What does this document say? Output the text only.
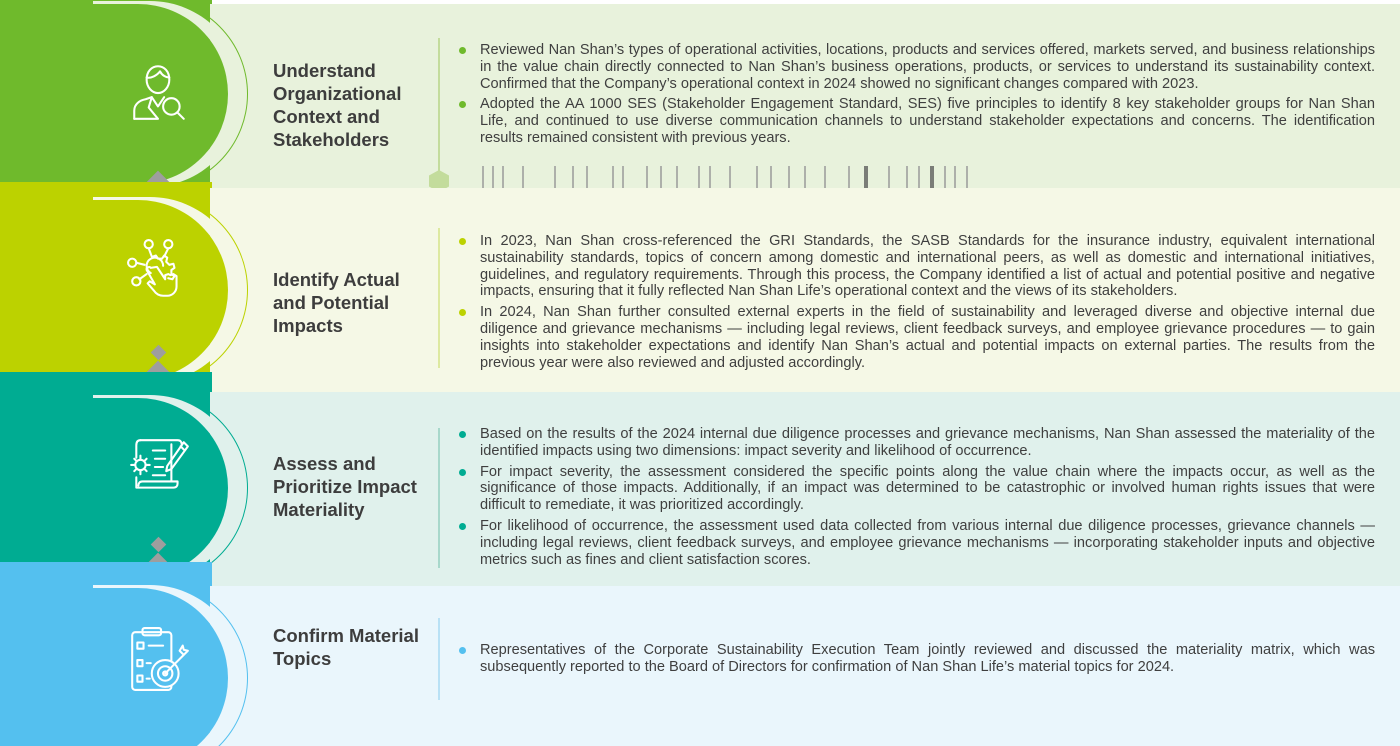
Understand Organizational Context and Stakeholders
Reviewed Nan Shan’s types of operational activities, locations, products and services offered, markets served, and business relationships in the value chain directly connected to Nan Shan’s business operations, products, or services to understand its sustainability context. Confirmed that the Company’s operational context in 2024 showed no significant changes compared with 2023.
Adopted the AA 1000 SES (Stakeholder Engagement Standard, SES) five principles to identify 8 key stakeholder groups for Nan Shan Life, and continued to use diverse communication channels to understand stakeholder expectations and concerns. The identification results remained consistent with previous years.
Identify Actual and Potential Impacts
In 2023, Nan Shan cross-referenced the GRI Standards, the SASB Standards for the insurance industry, equivalent international sustainability standards, topics of concern among domestic and international peers, as well as domestic and international initiatives, guidelines, and regulatory requirements. Through this process, the Company identified a list of actual and potential positive and negative impacts, ensuring that it fully reflected Nan Shan Life’s operational context and the views of its stakeholders.
In 2024, Nan Shan further consulted external experts in the field of sustainability and leveraged diverse and objective internal due diligence and grievance mechanisms — including legal reviews, client feedback surveys, and employee grievance procedures — to gain insights into stakeholder expectations and identify Nan Shan’s actual and potential impacts on external parties. The results from the previous year were also reviewed and adjusted accordingly.
Assess and Prioritize Impact Materiality
Based on the results of the 2024 internal due diligence processes and grievance mechanisms, Nan Shan assessed the materiality of the identified impacts using two dimensions: impact severity and likelihood of occurrence.
For impact severity, the assessment considered the specific points along the value chain where the impacts occur, as well as the significance of those impacts. Additionally, if an impact was determined to be catastrophic or involved human rights issues that were difficult to remediate, it was prioritized accordingly.
For likelihood of occurrence, the assessment used data collected from various internal due diligence processes, grievance channels — including legal reviews, client feedback surveys, and employee grievance mechanisms — incorporating stakeholder inputs and objective metrics such as fines and client satisfaction scores.
Confirm Material Topics	Representatives of the Corporate Sustainability Execution Team jointly reviewed and discussed the materiality matrix, which was subsequently reported to the Board of Directors for confirmation of Nan Shan Life’s material topics for 2024.
